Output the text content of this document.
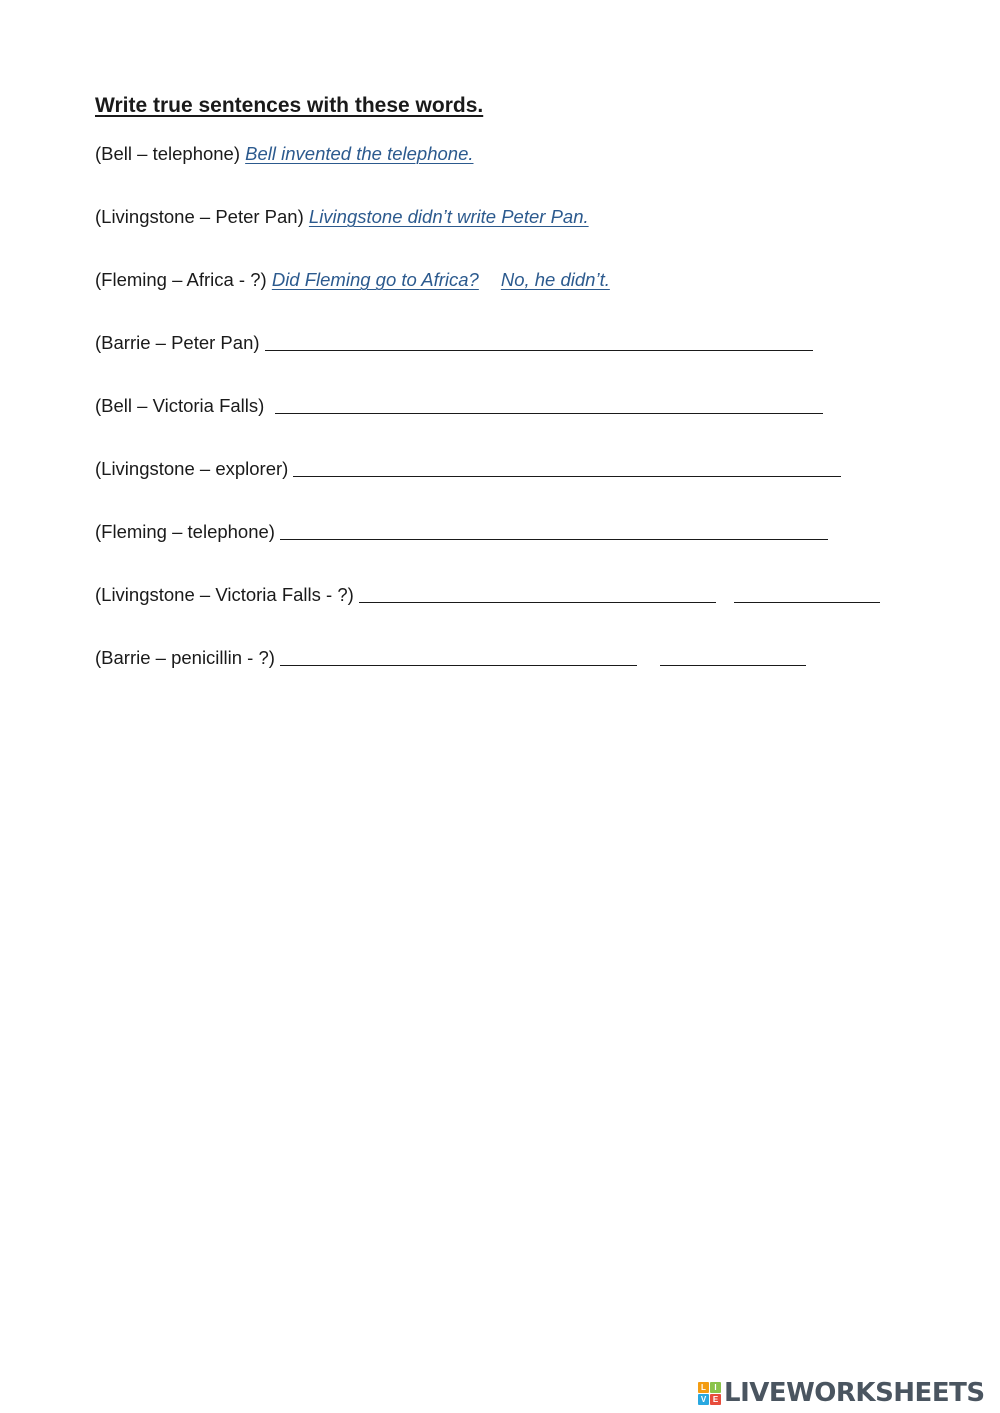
Write true sentences with these words.
(Bell – telephone) Bell invented the telephone.
(Livingstone – Peter Pan) Livingstone didn’t write Peter Pan.
(Fleming – Africa - ?) Did Fleming go to Africa? No, he didn’t.
(Barrie – Peter Pan)
(Bell – Victoria Falls)
(Livingstone – explorer)
(Fleming – telephone)
(Livingstone – Victoria Falls - ?)
(Barrie – penicillin - ?)
L	I
V E LIVEWORKSHEETS
